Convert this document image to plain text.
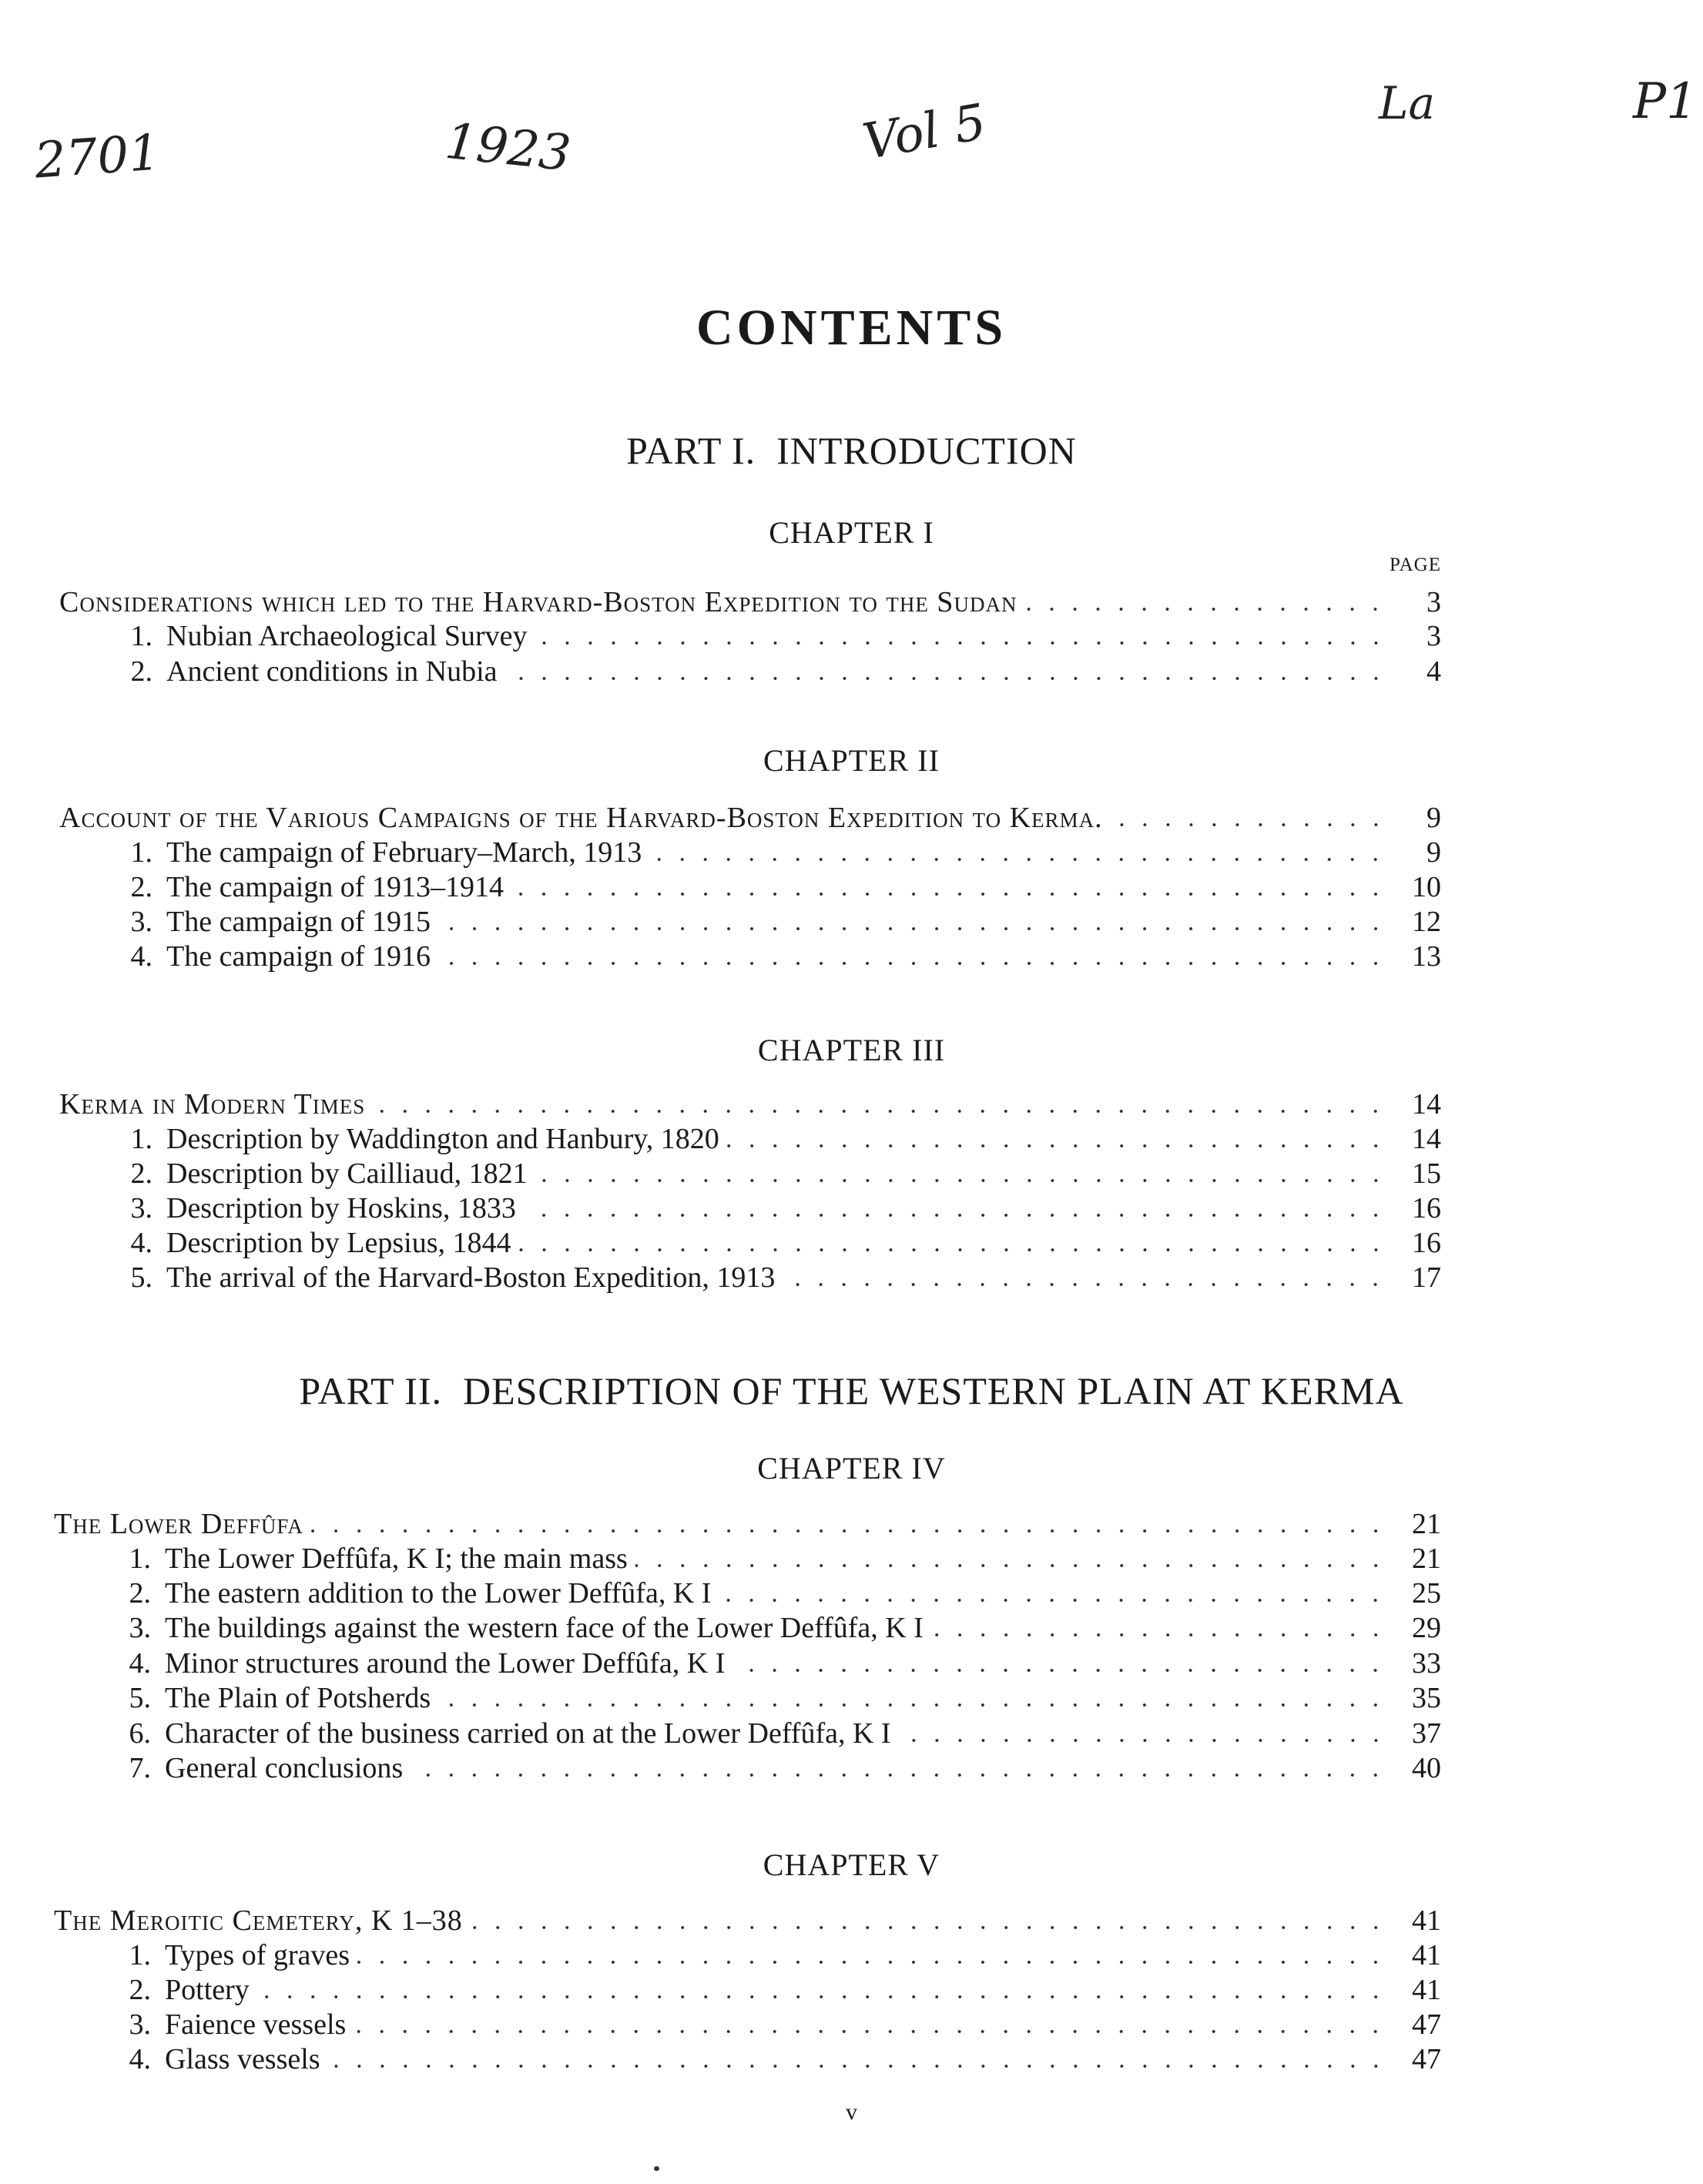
2701	1923	Vol 5	La	P1
CONTENTS
PART I.  INTRODUCTION
CHAPTER I
PAGE
Considerations which led to the Harvard-Boston Expedition to the Sudan	3
1. Nubian Archaeological Survey	3
2. Ancient conditions in Nubia	4
CHAPTER II
Account of the Various Campaigns of the Harvard-Boston Expedition to Kerma.	9
1. The campaign of February–March, 1913	9
2. The campaign of 1913–1914	10
3. The campaign of 1915	12
4. The campaign of 1916	13
CHAPTER III
Kerma in Modern Times	14
1. Description by Waddington and Hanbury, 1820	14
2. Description by Cailliaud, 1821	15
3. Description by Hoskins, 1833	16
4. Description by Lepsius, 1844	16
5. The arrival of the Harvard-Boston Expedition, 1913	17
PART II.  DESCRIPTION OF THE WESTERN PLAIN AT KERMA
CHAPTER IV
The Lower Deffûfa	21
1. The Lower Deffûfa, K I; the main mass	21
2. The eastern addition to the Lower Deffûfa, K I	25
3. The buildings against the western face of the Lower Deffûfa, K I	29
4. Minor structures around the Lower Deffûfa, K I	33
5. The Plain of Potsherds	35
6. Character of the business carried on at the Lower Deffûfa, K I	37
7. General conclusions	40
CHAPTER V
The Meroitic Cemetery, K 1–38	41
1. Types of graves	41
2. Pottery	41
3. Faience vessels	47
4. Glass vessels	47
v
